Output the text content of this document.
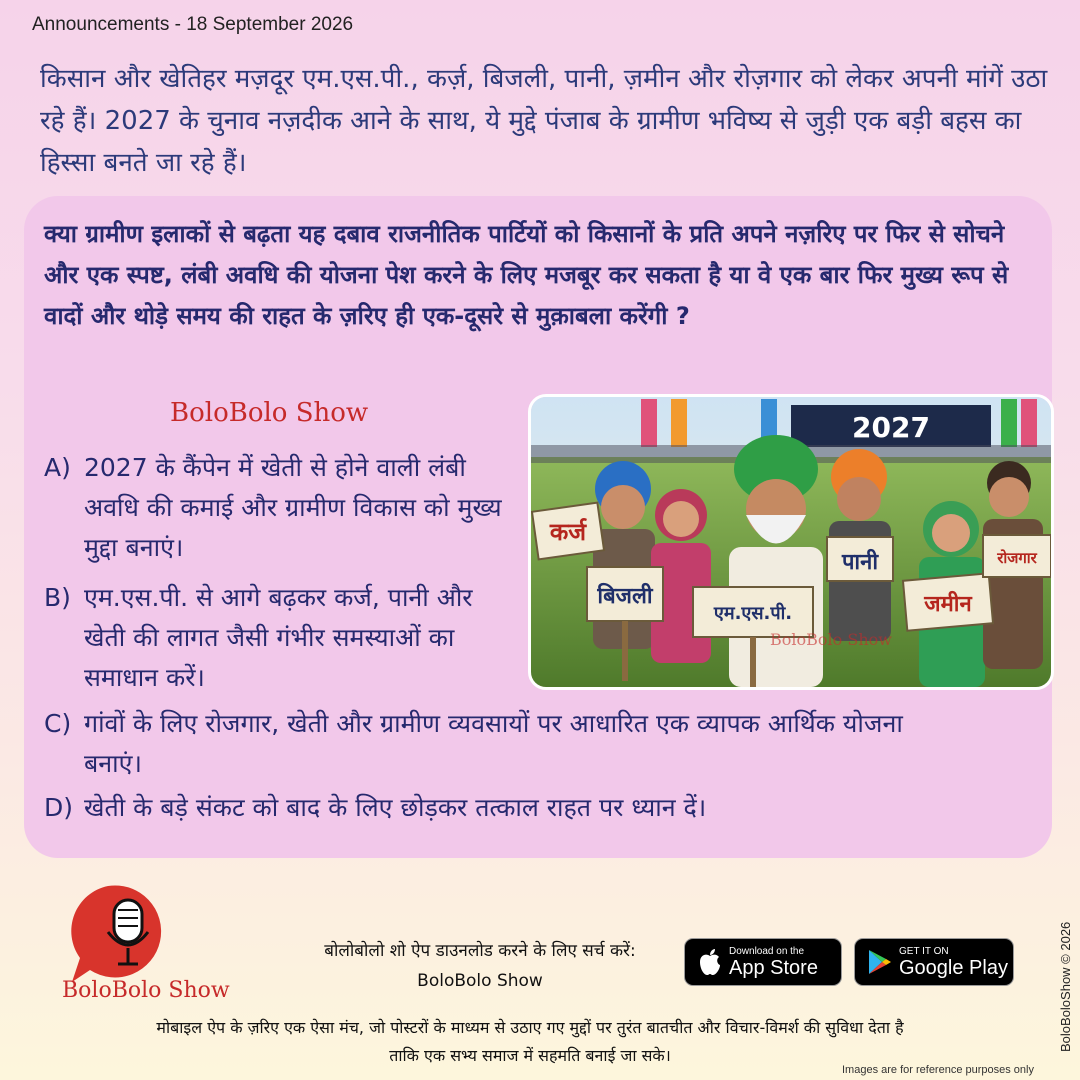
Announcements - 18 September 2026

किसान और खेतिहर मज़दूर एम.एस.पी., कर्ज़, बिजली, पानी, ज़मीन और रोज़गार को लेकर अपनी मांगें उठा रहे हैं। 2027 के चुनाव नज़दीक आने के साथ, ये मुद्दे पंजाब के ग्रामीण भविष्य से जुड़ी एक बड़ी बहस का हिस्सा बनते जा रहे हैं।

क्या ग्रामीण इलाकों से बढ़ता यह दबाव राजनीतिक पार्टियों को किसानों के प्रति अपने नज़रिए पर फिर से सोचने और एक स्पष्ट, लंबी अवधि की योजना पेश करने के लिए मजबूर कर सकता है या वे एक बार फिर मुख्य रूप से वादों और थोड़े समय की राहत के ज़रिए ही एक-दूसरे से मुक़ाबला करेंगी ?

BoloBolo Show
A) 2027 के कैंपेन में खेती से होने वाली लंबी अवधि की कमाई और ग्रामीण विकास को मुख्य मुद्दा बनाएं।
B) एम.एस.पी. से आगे बढ़कर कर्ज, पानी और खेती की लागत जैसी गंभीर समस्याओं का समाधान करें।
C) गांवों के लिए रोजगार, खेती और ग्रामीण व्यवसायों पर आधारित एक व्यापक आर्थिक योजना बनाएं।
D) खेती के बड़े संकट को बाद के लिए छोड़कर तत्काल राहत पर ध्यान दें।
2027
कर्ज
बिजली
एम.एस.पी.
पानी
जमीन
रोजगार
BoloBolo Show
BoloBolo Show
बोलोबोलो शो ऐप डाउनलोड करने के लिए सर्च करें:
BoloBolo Show
Download on the
App Store
GET IT ON
Google Play
मोबाइल ऐप के ज़रिए एक ऐसा मंच, जो पोस्टरों के माध्यम से उठाए गए मुद्दों पर तुरंत बातचीत और विचार-विमर्श की सुविधा देता है
ताकि एक सभ्य समाज में सहमति बनाई जा सके।
Images are for reference purposes only
BoloBoloShow © 2026
